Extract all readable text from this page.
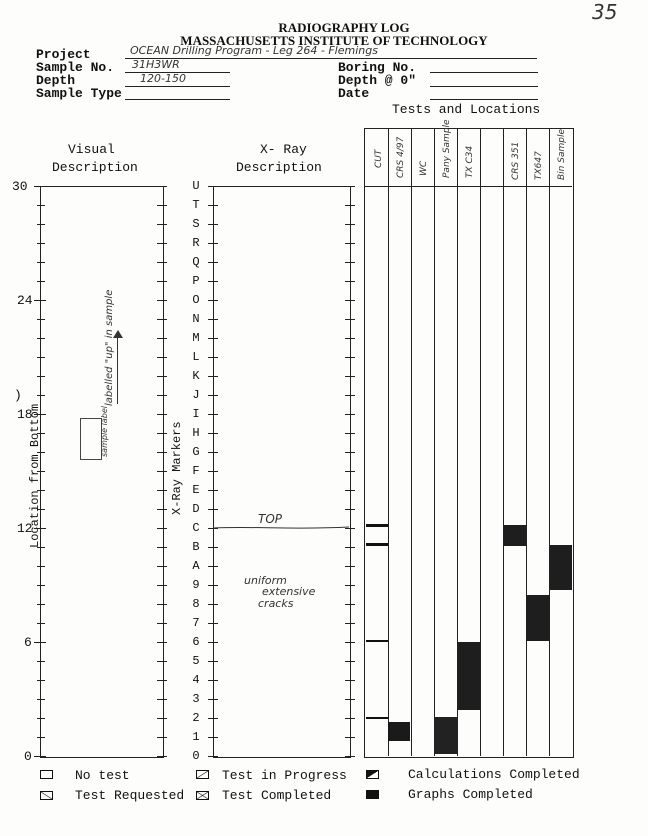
35
RADIOGRAPHY LOG
MASSACHUSETTS INSTITUTE OF TECHNOLOGY
Project	OCEAN Drilling Program - Leg 264 - Flemings
Sample No. 31H3WR
Depth	120-150
Sample Type
Boring No.
Depth @ 0"
Date
Tests and Locations
Visual
Description
X- Ray
Description
30
24
18
12
6
0
Location from Bottom
)	labelled "up" in sample
sample label
U
T
S
R
Q
P
O
N
M
L
K
J
I
H
G
F
E
D
C
B
A
9
8
7
6
5
4
3
2
1
0
X-Ray Markers
TOP
uniform
extensive
cracks
CUT CRS 4/97 WC Pany Sample TX C34	CRS 351 TX647 Bin Sample
No test
Test Requested
Test in Progress
Test Completed
Calculations Completed
Graphs Completed
